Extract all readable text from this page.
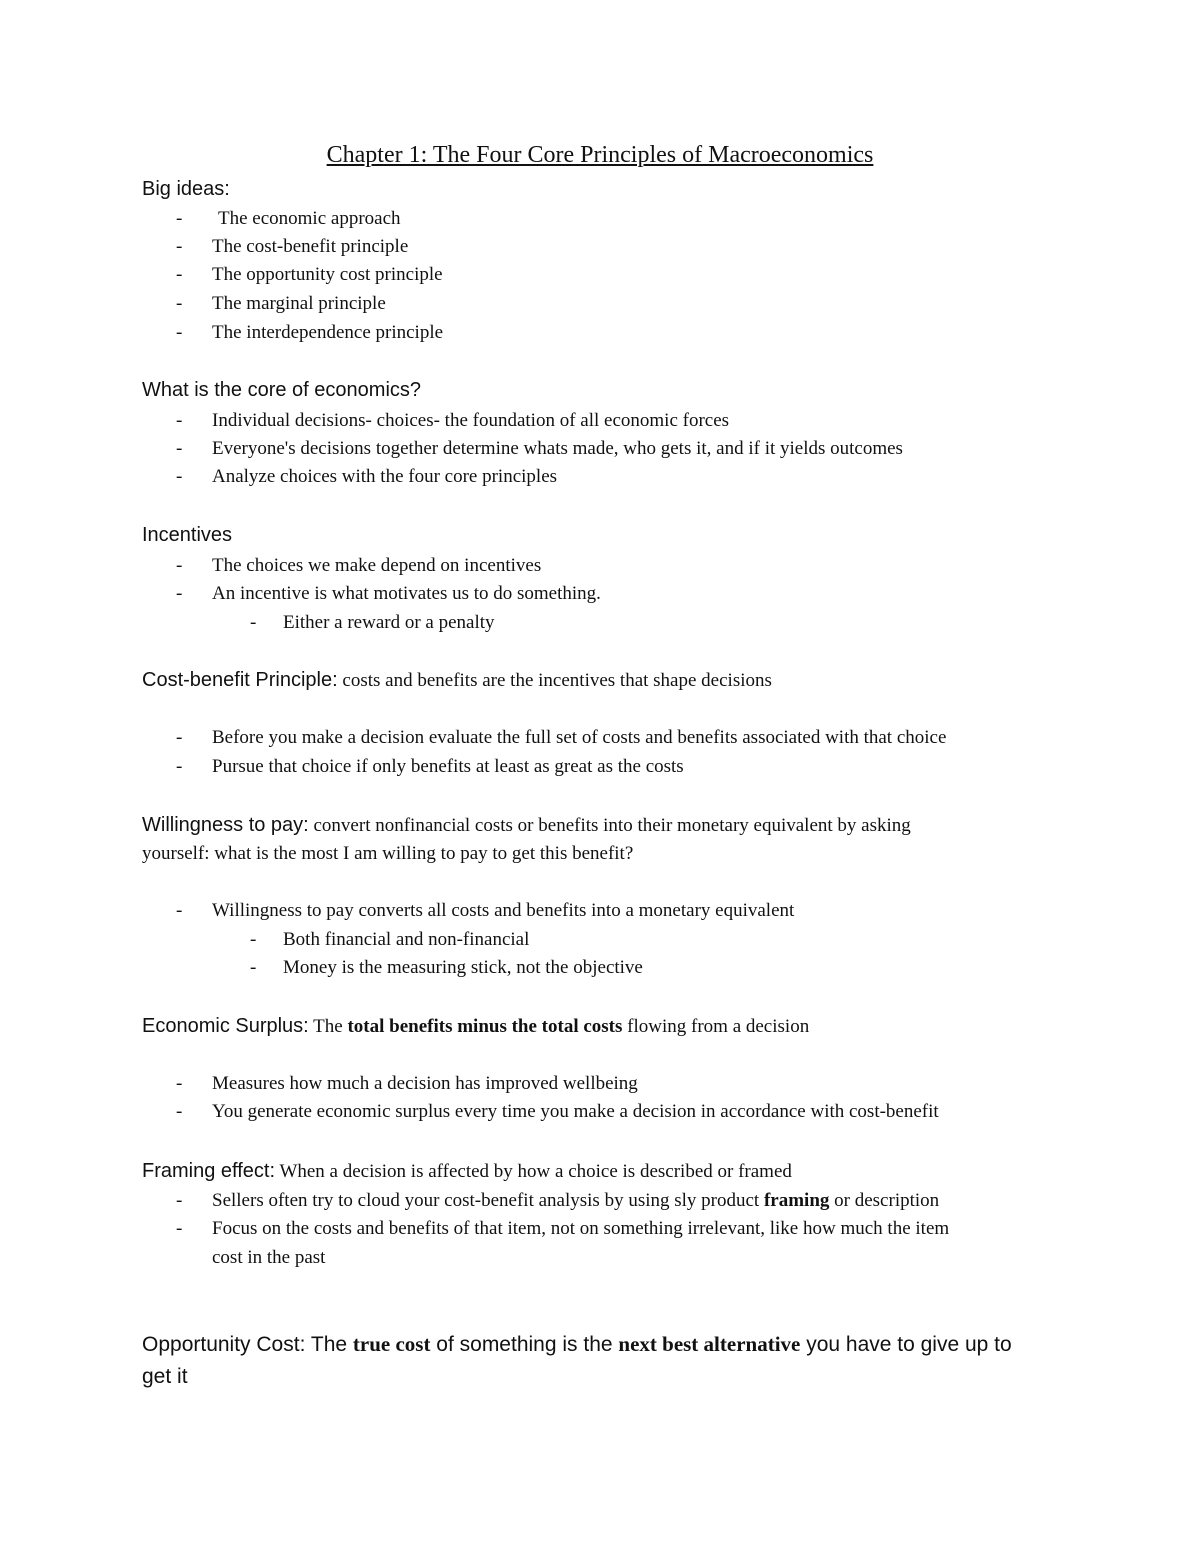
Chapter 1: The Four Core Principles of Macroeconomics
Big ideas:
- The economic approach
- The cost-benefit principle
- The opportunity cost principle
- The marginal principle
- The interdependence principle
What is the core of economics?
- Individual decisions- choices- the foundation of all economic forces
- Everyone's decisions together determine whats made, who gets it, and if it yields outcomes
- Analyze choices with the four core principles
Incentives
- The choices we make depend on incentives
- An incentive is what motivates us to do something.
- Either a reward or a penalty
Cost-benefit Principle: costs and benefits are the incentives that shape decisions
- Before you make a decision evaluate the full set of costs and benefits associated with that choice
- Pursue that choice if only benefits at least as great as the costs
Willingness to pay: convert nonfinancial costs or benefits into their monetary equivalent by asking
yourself: what is the most I am willing to pay to get this benefit?
- Willingness to pay converts all costs and benefits into a monetary equivalent
- Both financial and non-financial
- Money is the measuring stick, not the objective
Economic Surplus: The total benefits minus the total costs flowing from a decision
- Measures how much a decision has improved wellbeing
- You generate economic surplus every time you make a decision in accordance with cost-benefit
Framing effect: When a decision is affected by how a choice is described or framed
- Sellers often try to cloud your cost-benefit analysis by using sly product framing or description
- Focus on the costs and benefits of that item, not on something irrelevant, like how much the item
cost in the past
Opportunity Cost: The true cost of something is the next best alternative you have to give up to
get it
